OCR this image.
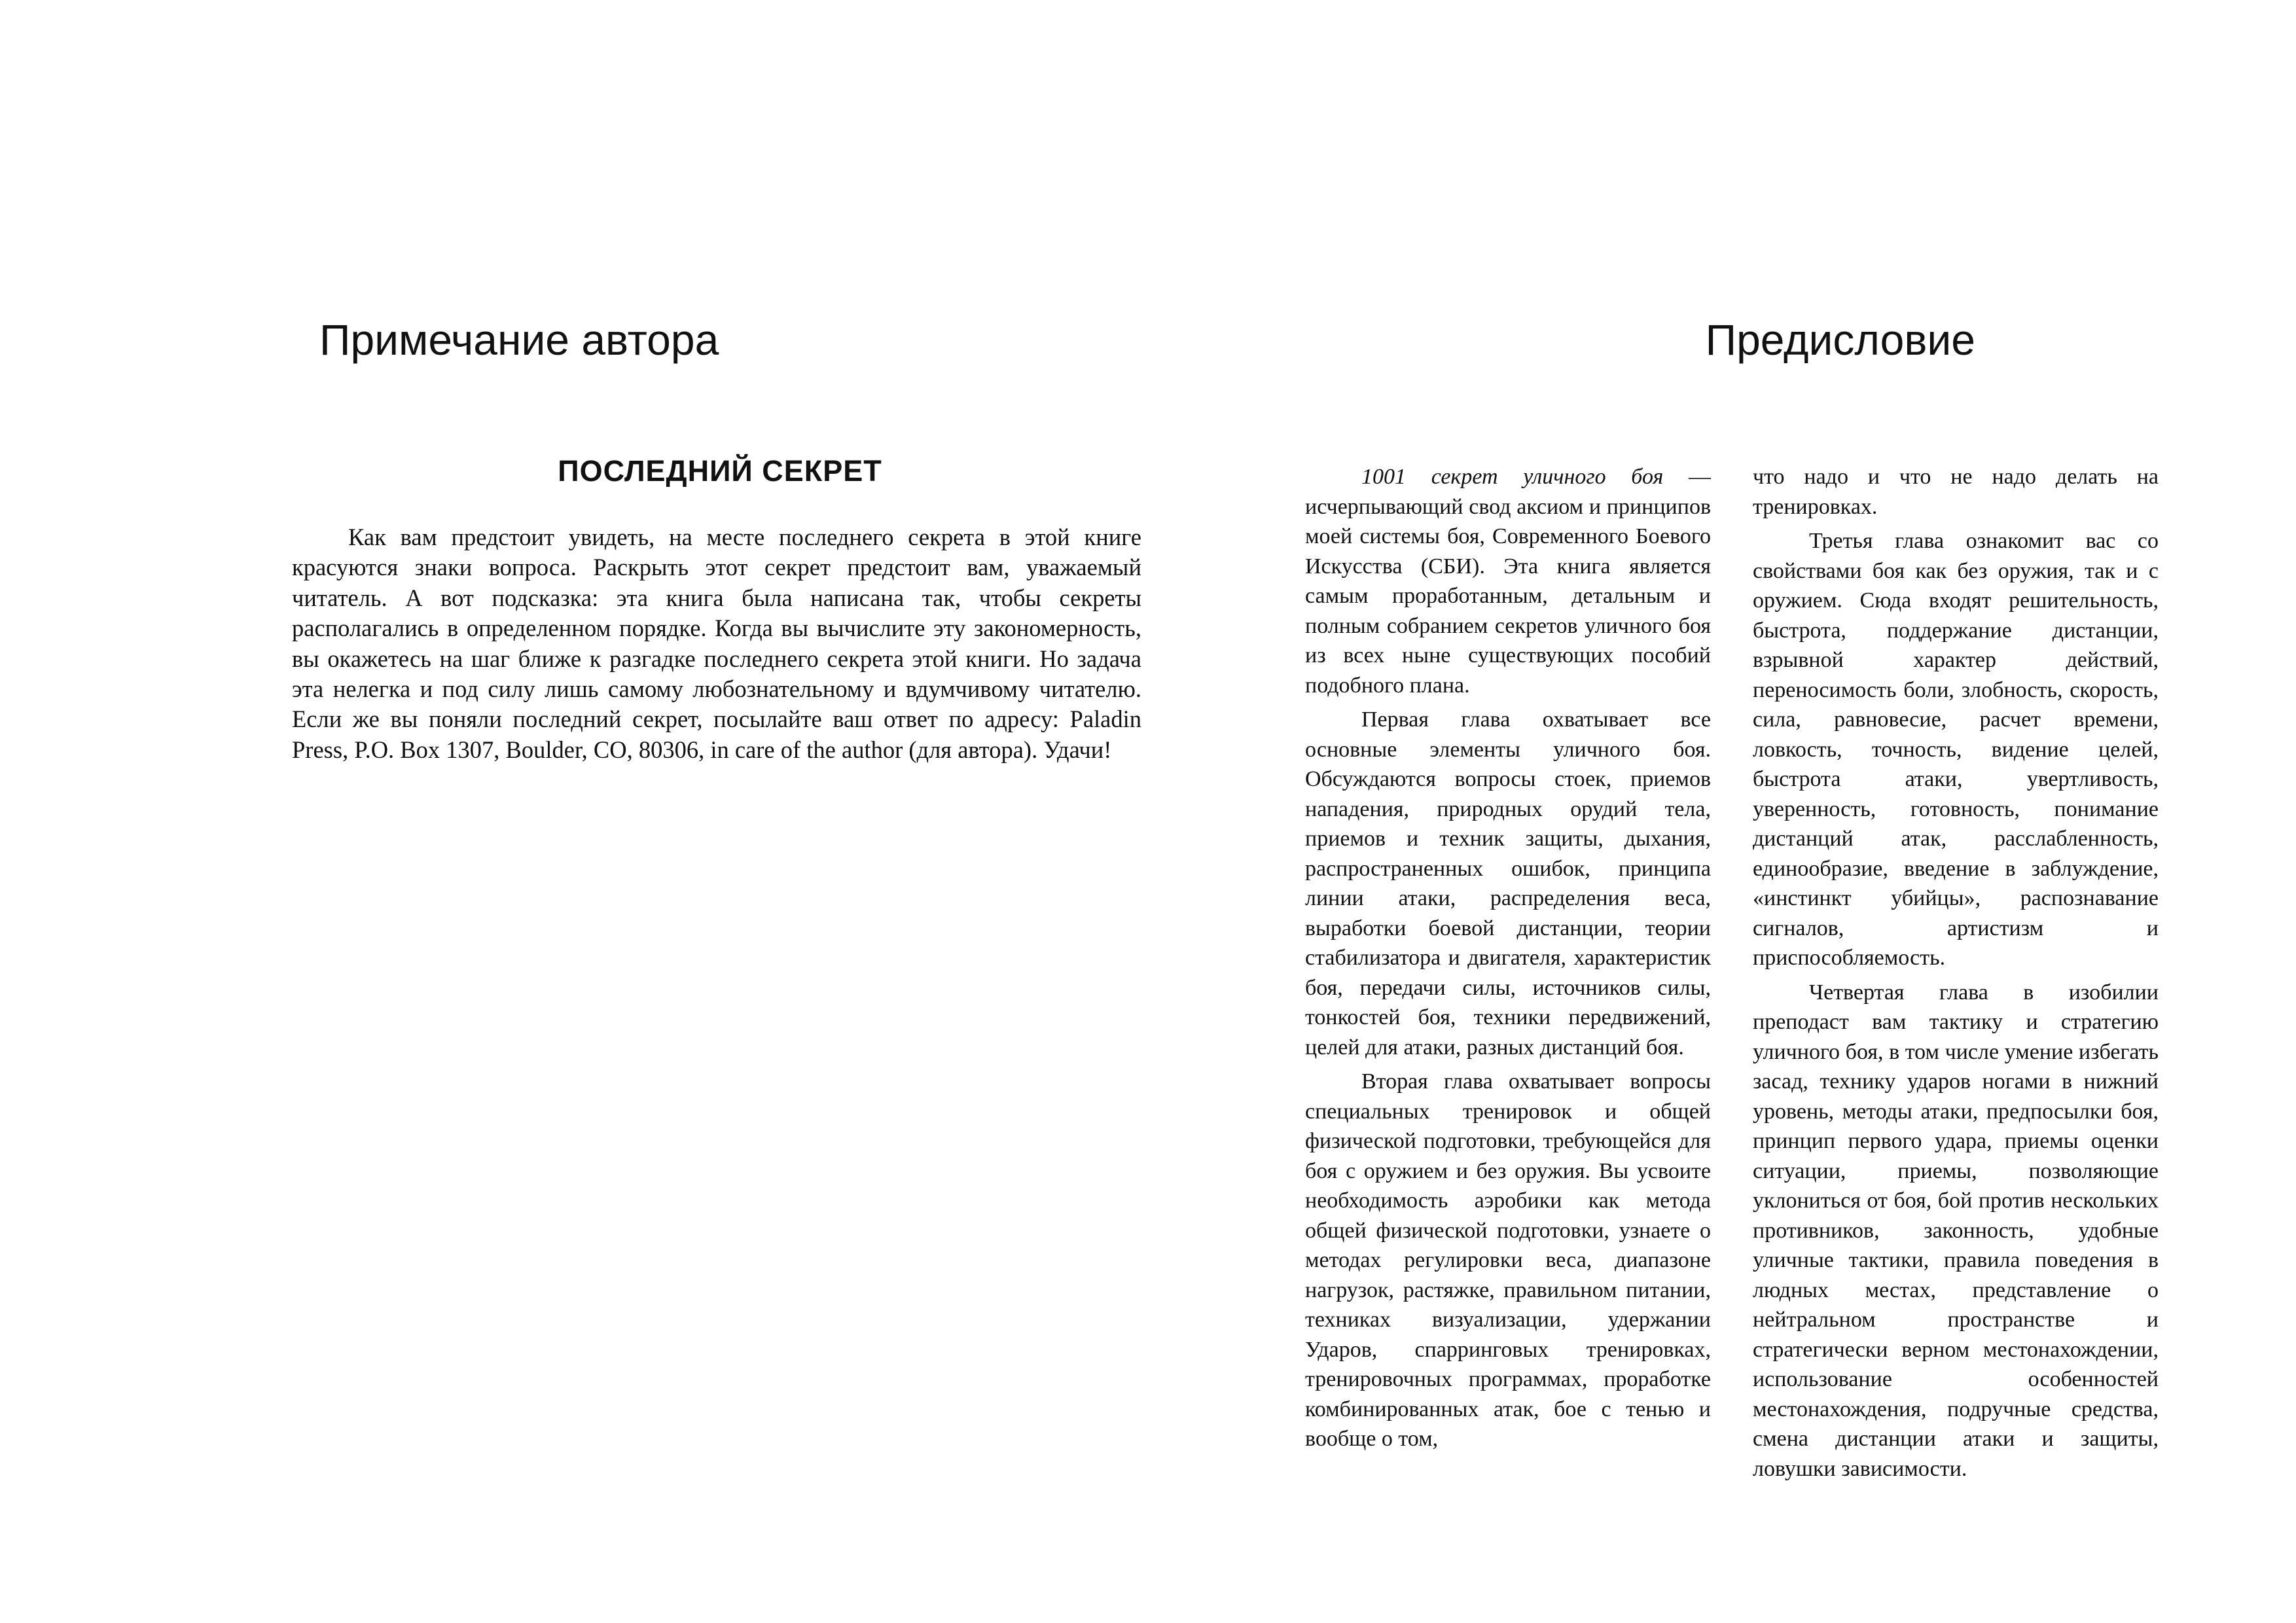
Примечание автора
ПОСЛЕДНИЙ СЕКРЕТ

Как вам предстоит увидеть, на месте последнего секрета в этой книге красуются знаки вопроса. Раскрыть этот секрет предстоит вам, уважаемый читатель. А вот подсказка: эта книга была написана так, чтобы секреты располагались в определенном порядке. Когда вы вычислите эту закономерность, вы окажетесь на шаг ближе к разгадке последнего секрета этой книги. Но задача эта нелегка и под силу лишь самому любознательному и вдумчивому читателю. Если же вы поняли последний секрет, посылайте ваш ответ по адресу: Paladin Press, P.O. Box 1307, Boulder, CO, 80306, in care of the author (для автора). Удачи!

Предисловие

1001 секрет уличного боя — исчерпывающий свод аксиом и принципов моей системы боя, Современного Боевого Искусства (СБИ). Эта книга является самым проработанным, детальным и полным собранием секретов уличного боя из всех ныне существующих пособий подобного плана.

Первая глава охватывает все основные элементы уличного боя. Обсуждаются вопросы стоек, приемов нападения, природных орудий тела, приемов и техник защиты, дыхания, распространенных ошибок, принципа линии атаки, распределения веса, выработки боевой дистанции, теории стабилизатора и двигателя, характеристик боя, передачи силы, источников силы, тонкостей боя, техники передвижений, целей для атаки, разных дистанций боя.

Вторая глава охватывает вопросы специальных тренировок и общей физической подготовки, требующейся для боя с оружием и без оружия. Вы усвоите необходимость аэробики как метода общей физической подготовки, узнаете о методах регулировки веса, диапазоне нагрузок, растяжке, правильном питании, техниках визуализации, удержании Ударов, спарринговых тренировках, тренировочных программах, проработке комбинированных атак, бое с тенью и вообще о том,

что надо и что не надо делать на тренировках.

Третья глава ознакомит вас со свойствами боя как без оружия, так и с оружием. Сюда входят решительность, быстрота, поддержание дистанции, взрывной характер действий, переносимость боли, злобность, скорость, сила, равновесие, расчет времени, ловкость, точность, видение целей, быстрота атаки, увертливость, уверенность, готовность, понимание дистанций атак, расслабленность, единообразие, введение в заблуждение, «инстинкт убийцы», распознавание сигналов, артистизм и приспособляемость.

Четвертая глава в изобилии преподаст вам тактику и стратегию уличного боя, в том числе умение избегать засад, технику ударов ногами в нижний уровень, методы атаки, предпосылки боя, принцип первого удара, приемы оценки ситуации, приемы, позволяющие уклониться от боя, бой против нескольких противников, законность, удобные уличные тактики, правила поведения в людных местах, представление о нейтральном пространстве и стратегически верном местонахождении, использование особенностей местонахождения, подручные средства, смена дистанции атаки и защиты, ловушки зависимости.
